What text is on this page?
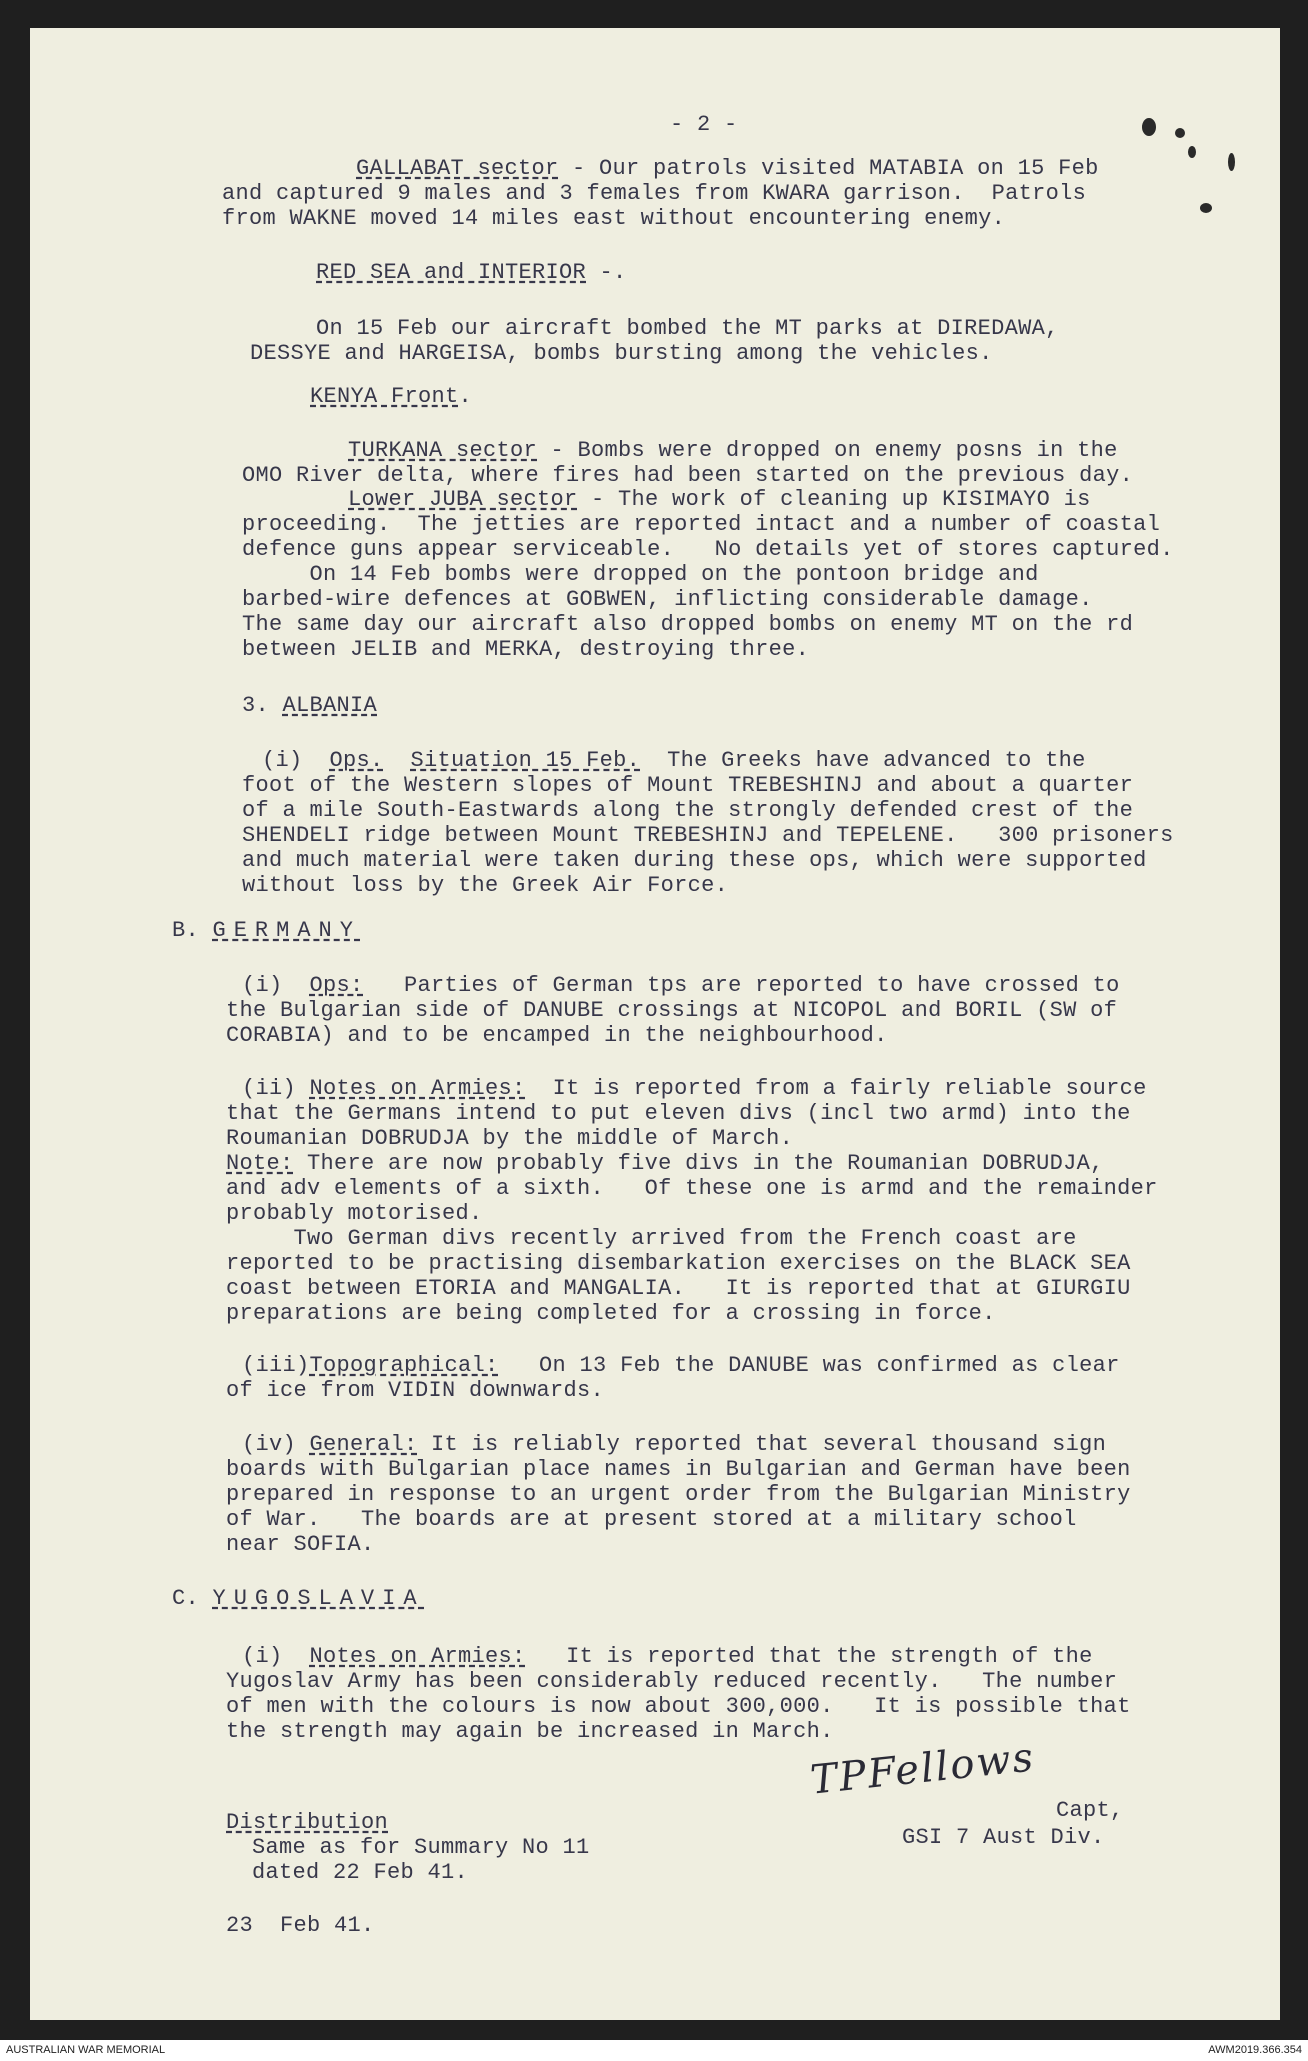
- 2 -
GALLABAT sector - Our patrols visited MATABIA on 15 Feb
and captured 9 males and 3 females from KWARA garrison.  Patrols
from WAKNE moved 14 miles east without encountering enemy.
RED SEA and INTERIOR -.
On 15 Feb our aircraft bombed the MT parks at DIREDAWA,
DESSYE and HARGEISA, bombs bursting among the vehicles.
KENYA Front.
TURKANA sector - Bombs were dropped on enemy posns in the
OMO River delta, where fires had been started on the previous day.
Lower JUBA sector - The work of cleaning up KISIMAYO is
proceeding.  The jetties are reported intact and a number of coastal
defence guns appear serviceable.   No details yet of stores captured.
On 14 Feb bombs were dropped on the pontoon bridge and
barbed-wire defences at GOBWEN, inflicting considerable damage.
The same day our aircraft also dropped bombs on enemy MT on the rd
between JELIB and MERKA, destroying three.
3. ALBANIA
(i)  Ops. Situation 15 Feb.  The Greeks have advanced to the
foot of the Western slopes of Mount TREBESHINJ and about a quarter
of a mile South-Eastwards along the strongly defended crest of the
SHENDELI ridge between Mount TREBESHINJ and TEPELENE.   300 prisoners
and much material were taken during these ops, which were supported
without loss by the Greek Air Force.
B. GERMANY
(i)  Ops:   Parties of German tps are reported to have crossed to
the Bulgarian side of DANUBE crossings at NICOPOL and BORIL (SW of
CORABIA) and to be encamped in the neighbourhood.
(ii) Notes on Armies:  It is reported from a fairly reliable source
that the Germans intend to put eleven divs (incl two armd) into the
Roumanian DOBRUDJA by the middle of March.
Note: There are now probably five divs in the Roumanian DOBRUDJA,
and adv elements of a sixth.   Of these one is armd and the remainder
probably motorised.
Two German divs recently arrived from the French coast are
reported to be practising disembarkation exercises on the BLACK SEA
coast between ETORIA and MANGALIA.   It is reported that at GIURGIU
preparations are being completed for a crossing in force.
(iii)Topographical:   On 13 Feb the DANUBE was confirmed as clear
of ice from VIDIN downwards.
(iv) General: It is reliably reported that several thousand sign
boards with Bulgarian place names in Bulgarian and German have been
prepared in response to an urgent order from the Bulgarian Ministry
of War.   The boards are at present stored at a military school
near SOFIA.
C. YUGOSLAVIA
(i)  Notes on Armies:   It is reported that the strength of the
Yugoslav Army has been considerably reduced recently.   The number
of men with the colours is now about 300,000.   It is possible that
the strength may again be increased in March.
TPFellows
Capt,
GSI 7 Aust Div.
Distribution
Same as for Summary No 11
dated 22 Feb 41.
23  Feb 41.
AUSTRALIAN WAR MEMORIAL	AWM2019.366.354
